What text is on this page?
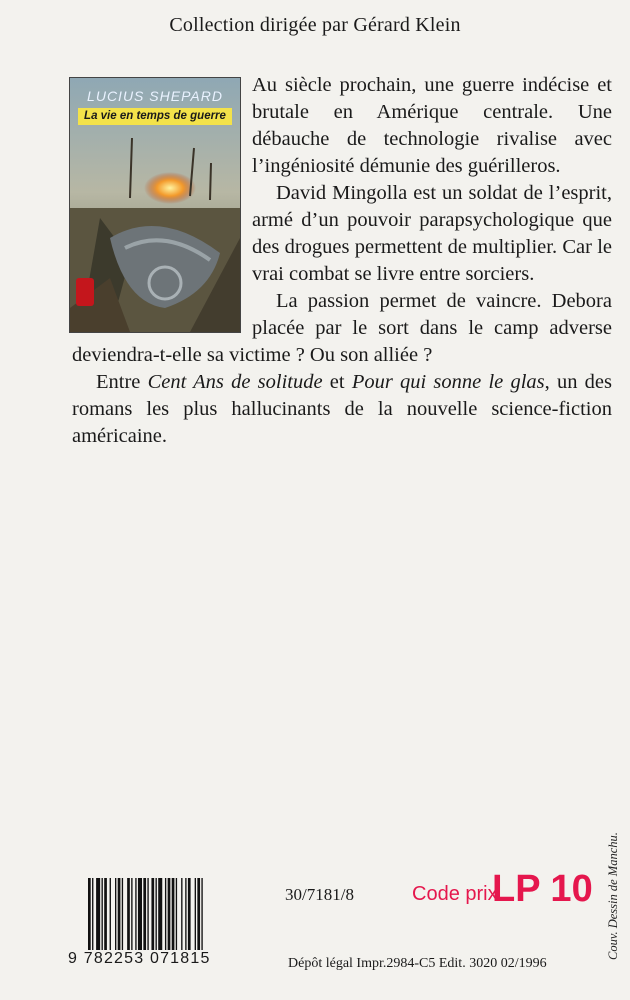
Collection dirigée par Gérard Klein

Au siècle prochain, une guerre indécise et brutale en Amérique centrale. Une débauche de technologie rivalise avec l’ingéniosité démunie des guérilleros.

David Mingolla est un soldat de l’esprit, armé d’un pouvoir parapsychologique que des drogues permettent de multiplier. Car le vrai combat se livre entre sorciers.

La passion permet de vaincre. Debora placée par le sort dans le camp adverse deviendra-t-elle sa victime ? Ou son alliée ?

Entre Cent Ans de solitude et Pour qui sonne le glas, un des romans les plus hallucinants de la nouvelle science-fiction américaine.

LUCIUS SHEPARD
La vie en temps de guerre
Couv. Dessin de Manchu.
9 782253 071815
30/7181/8	Code prix
LP 10
Dépôt légal Impr.2984-C5 Edit. 3020 02/1996
